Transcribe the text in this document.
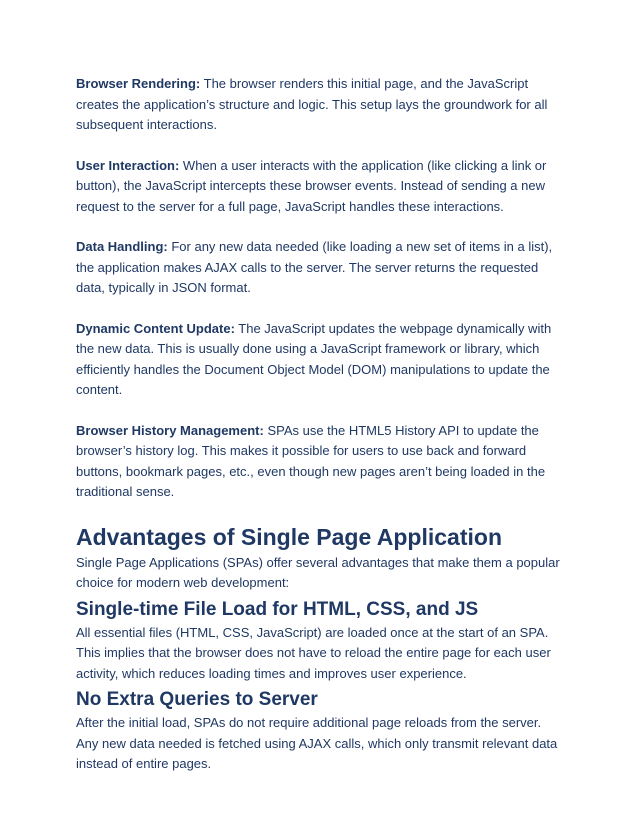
Browser Rendering: The browser renders this initial page, and the JavaScript creates the application’s structure and logic. This setup lays the groundwork for all subsequent interactions.

User Interaction: When a user interacts with the application (like clicking a link or button), the JavaScript intercepts these browser events. Instead of sending a new request to the server for a full page, JavaScript handles these interactions.

Data Handling: For any new data needed (like loading a new set of items in a list), the application makes AJAX calls to the server. The server returns the requested data, typically in JSON format.

Dynamic Content Update: The JavaScript updates the webpage dynamically with the new data. This is usually done using a JavaScript framework or library, which efficiently handles the Document Object Model (DOM) manipulations to update the content.

Browser History Management: SPAs use the HTML5 History API to update the browser’s history log. This makes it possible for users to use back and forward buttons, bookmark pages, etc., even though new pages aren’t being loaded in the traditional sense.

Advantages of Single Page Application

Single Page Applications (SPAs) offer several advantages that make them a popular choice for modern web development:

Single-time File Load for HTML, CSS, and JS

All essential files (HTML, CSS, JavaScript) are loaded once at the start of an SPA. This implies that the browser does not have to reload the entire page for each user activity, which reduces loading times and improves user experience.

No Extra Queries to Server

After the initial load, SPAs do not require additional page reloads from the server. Any new data needed is fetched using AJAX calls, which only transmit relevant data instead of entire pages.
